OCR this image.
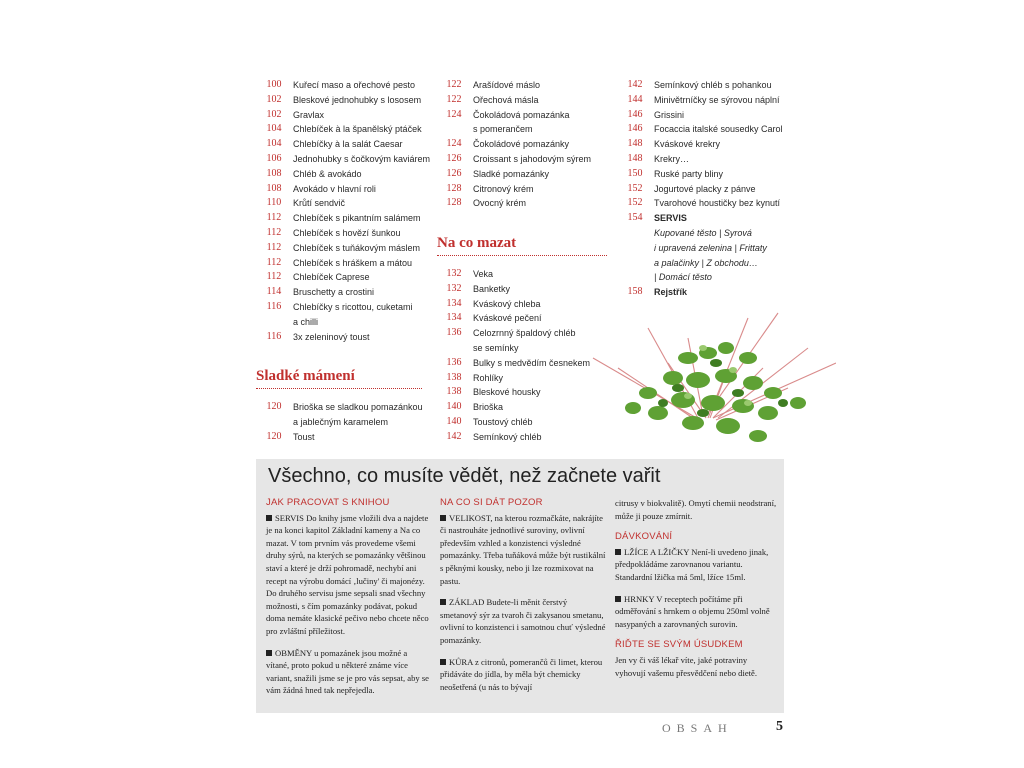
100	Kuřecí maso a ořechové pesto
102	Bleskové jednohubky s lososem
102	Gravlax
104	Chlebíček à la španělský ptáček
104	Chlebíčky à la salát Caesar
106	Jednohubky s čočkovým kaviárem
108	Chléb & avokádo
108	Avokádo v hlavní roli
110	Krůtí sendvič
112	Chlebíček s pikantním salámem
112	Chlebíček s hovězí šunkou
112	Chlebíček s tuňákovým máslem
112	Chlebíček s hráškem a mátou
112	Chlebíček Caprese
114	Bruschetty a crostini
116	Chlebíčky s ricottou, cuketami
a chilli
116	3x zeleninový toust
Sladké mámení
120	Brioška se sladkou pomazánkou
a jablečným karamelem
120	Toust
122	Arašídové máslo
122	Ořechová másla
124	Čokoládová pomazánka
s pomerančem
124	Čokoládové pomazánky
126	Croissant s jahodovým sýrem
126	Sladké pomazánky
128	Citronový krém
128	Ovocný krém
Na co mazat
132	Veka
132	Banketky
134	Kváskový chleba
134	Kváskové pečení
136	Celozrnný špaldový chléb
se semínky
136	Bulky s medvědím česnekem
138	Rohlíky
138	Bleskové housky
140	Brioška
140	Toustový chléb
142	Semínkový chléb
142	Semínkový chléb s pohankou
144	Minivětrníčky se sýrovou náplní
146	Grissini
146	Focaccia italské sousedky Carol
148	Kváskové krekry
148	Krekry…
150	Ruské party bliny
152	Jogurtové placky z pánve
152	Tvarohové houstičky bez kynutí
154	SERVIS
Kupované těsto | Syrová
i upravená zelenina | Frittaty
a palačinky | Z obchodu…
| Domácí těsto
158	Rejstřík
Všechno, co musíte vědět, než začnete vařit
JAK PRACOVAT S KNIHOU

SERVIS Do knihy jsme vložili dva a najdete je na konci kapitol Základní kameny a Na co mazat. V tom prvním vás provedeme všemi druhy sýrů, na kterých se pomazánky většinou staví a které je drží pohromadě, nechybí ani recept na výrobu domácí ‚lučiny' či majonézy. Do druhého servisu jsme sepsali snad všechny možnosti, s čím pomazánky podávat, pokud doma nemáte klasické pečivo nebo chcete něco pro zvláštní příležitost.

OBMĚNY u pomazánek jsou možné a vítané, proto pokud u některé známe více variant, snažili jsme se je pro vás sepsat, aby se vám žádná hned tak nepřejedla.

NA CO SI DÁT POZOR

VELIKOST, na kterou rozmačkáte, nakrájíte či nastrouháte jednotlivé suroviny, ovlivní především vzhled a konzistenci výsledné pomazánky. Třeba tuňáková může být rustikální s pěknými kousky, nebo ji lze rozmixovat na pastu.

ZÁKLAD Budete-li měnit čerstvý smetanový sýr za tvaroh či zakysanou smetanu, ovlivní to konzistenci i samotnou chuť výsledné pomazánky.

KŮRA z citronů, pomerančů či limet, kterou přidáváte do jídla, by měla být chemicky neošetřená (u nás to bývají

citrusy v biokvalitě). Omytí chemii neodstraní, může ji pouze zmírnit.

DÁVKOVÁNÍ

LŽÍCE A LŽIČKY Není-li uvedeno jinak, předpokládáme zarovnanou variantu. Standardní lžička má 5ml, lžíce 15ml.

HRNKY V receptech počítáme při odměřování s hrnkem o objemu 250ml volně nasypaných a zarovnaných surovin.

ŘIĎTE SE SVÝM ÚSUDKEM

Jen vy či váš lékař víte, jaké potraviny vyhovují vašemu přesvědčení nebo dietě.

OBSAH	5
